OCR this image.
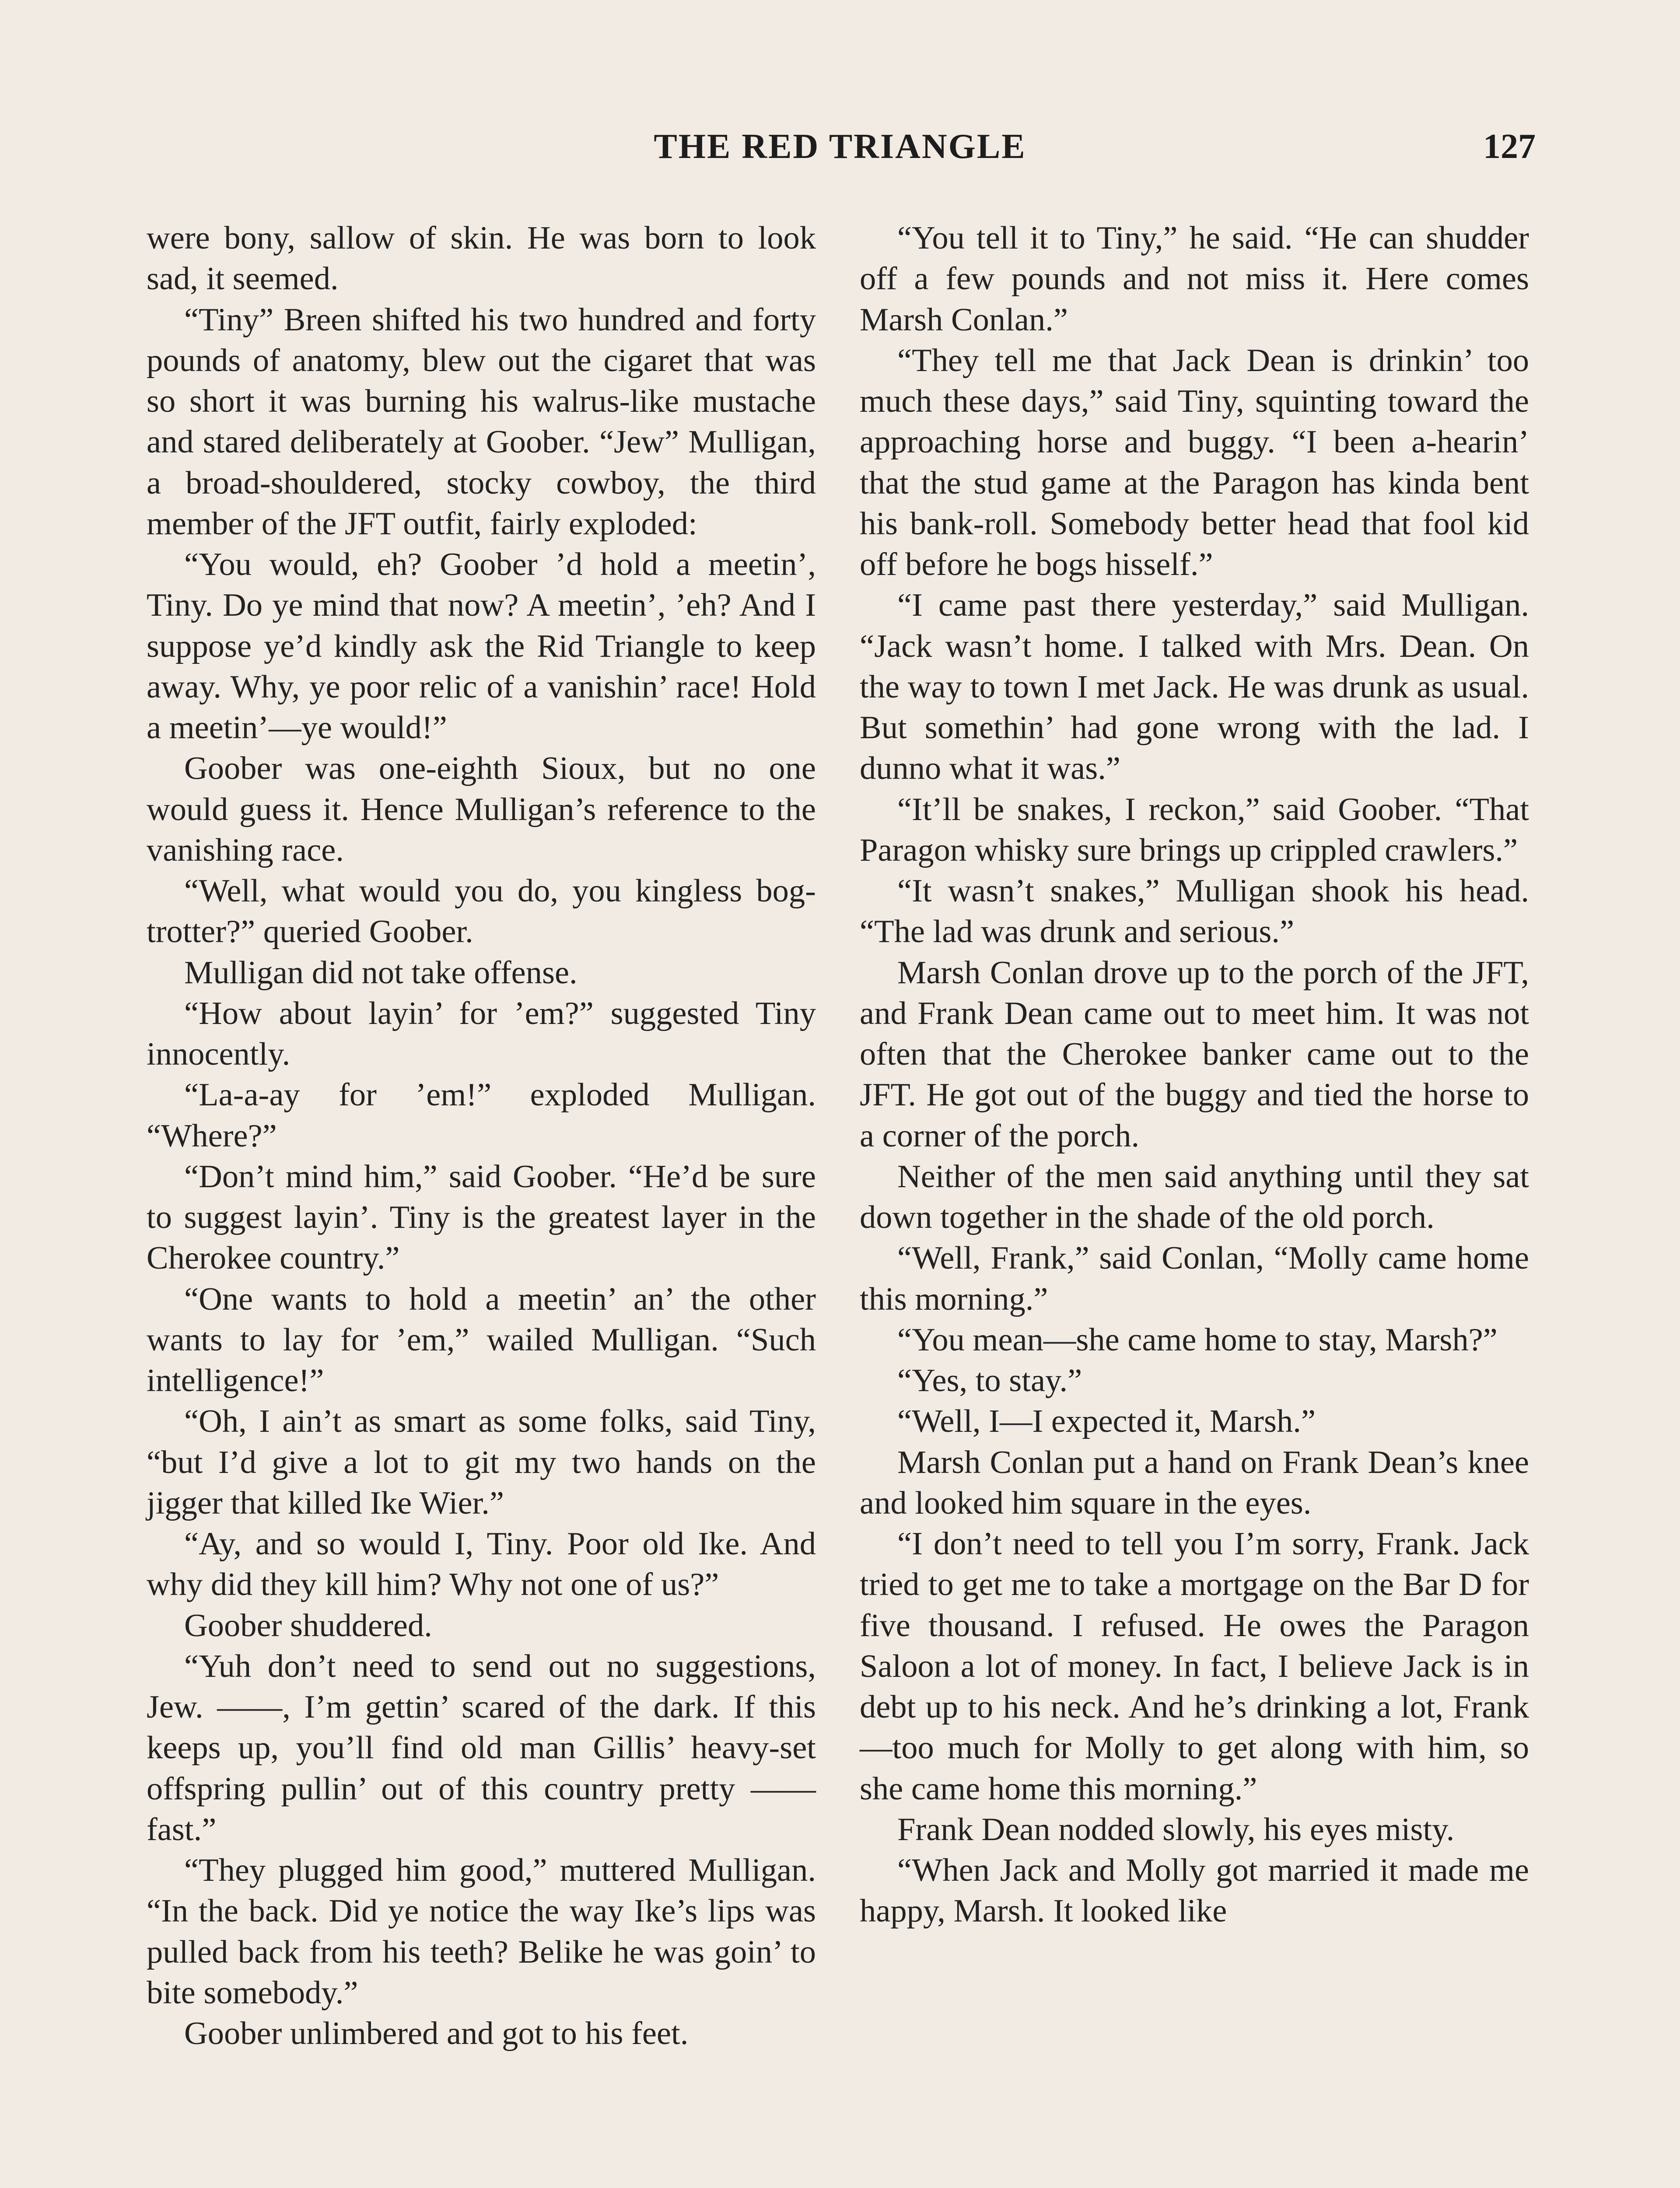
THE RED TRIANGLE	127

were bony, sallow of skin. He was born to look sad, it seemed.

“Tiny” Breen shifted his two hundred and forty pounds of anatomy, blew out the cigaret that was so short it was burning his walrus-like mustache and stared deliberately at Goober. “Jew” Mulligan, a broad-shouldered, stocky cowboy, the third member of the JFT outfit, fairly exploded:

“You would, eh? Goober ’d hold a meetin’, Tiny. Do ye mind that now? A meetin’, ’eh? And I suppose ye’d kindly ask the Rid Triangle to keep away. Why, ye poor relic of a vanishin’ race! Hold a meetin’—ye would!”

Goober was one-eighth Sioux, but no one would guess it. Hence Mulligan’s reference to the vanishing race.

“Well, what would you do, you kingless bog-trotter?” queried Goober.

Mulligan did not take offense.

“How about layin’ for ’em?” suggested Tiny innocently.

“La-a-ay for ’em!” exploded Mulligan. “Where?”

“Don’t mind him,” said Goober. “He’d be sure to suggest layin’. Tiny is the greatest layer in the Cherokee country.”

“One wants to hold a meetin’ an’ the other wants to lay for ’em,” wailed Mulligan. “Such intelligence!”

“Oh, I ain’t as smart as some folks, said Tiny, “but I’d give a lot to git my two hands on the jigger that killed Ike Wier.”

“Ay, and so would I, Tiny. Poor old Ike. And why did they kill him? Why not one of us?”

Goober shuddered.

“Yuh don’t need to send out no suggestions, Jew. ——, I’m gettin’ scared of the dark. If this keeps up, you’ll find old man Gillis’ heavy-set offspring pullin’ out of this country pretty —— fast.”

“They plugged him good,” muttered Mulligan. “In the back. Did ye notice the way Ike’s lips was pulled back from his teeth? Belike he was goin’ to bite somebody.”

Goober unlimbered and got to his feet.

“You tell it to Tiny,” he said. “He can shudder off a few pounds and not miss it. Here comes Marsh Conlan.”

“They tell me that Jack Dean is drinkin’ too much these days,” said Tiny, squinting toward the approaching horse and buggy. “I been a-hearin’ that the stud game at the Paragon has kinda bent his bank-roll. Somebody better head that fool kid off before he bogs hisself.”

“I came past there yesterday,” said Mulligan. “Jack wasn’t home. I talked with Mrs. Dean. On the way to town I met Jack. He was drunk as usual. But somethin’ had gone wrong with the lad. I dunno what it was.”

“It’ll be snakes, I reckon,” said Goober. “That Paragon whisky sure brings up crippled crawlers.”

“It wasn’t snakes,” Mulligan shook his head. “The lad was drunk and serious.”

Marsh Conlan drove up to the porch of the JFT, and Frank Dean came out to meet him. It was not often that the Cherokee banker came out to the JFT. He got out of the buggy and tied the horse to a corner of the porch.

Neither of the men said anything until they sat down together in the shade of the old porch.

“Well, Frank,” said Conlan, “Molly came home this morning.”

“You mean—she came home to stay, Marsh?”

“Yes, to stay.”

“Well, I—I expected it, Marsh.”

Marsh Conlan put a hand on Frank Dean’s knee and looked him square in the eyes.

“I don’t need to tell you I’m sorry, Frank. Jack tried to get me to take a mortgage on the Bar D for five thousand. I refused. He owes the Paragon Saloon a lot of money. In fact, I believe Jack is in debt up to his neck. And he’s drinking a lot, Frank—too much for Molly to get along with him, so she came home this morning.”

Frank Dean nodded slowly, his eyes misty.

“When Jack and Molly got married it made me happy, Marsh. It looked like
